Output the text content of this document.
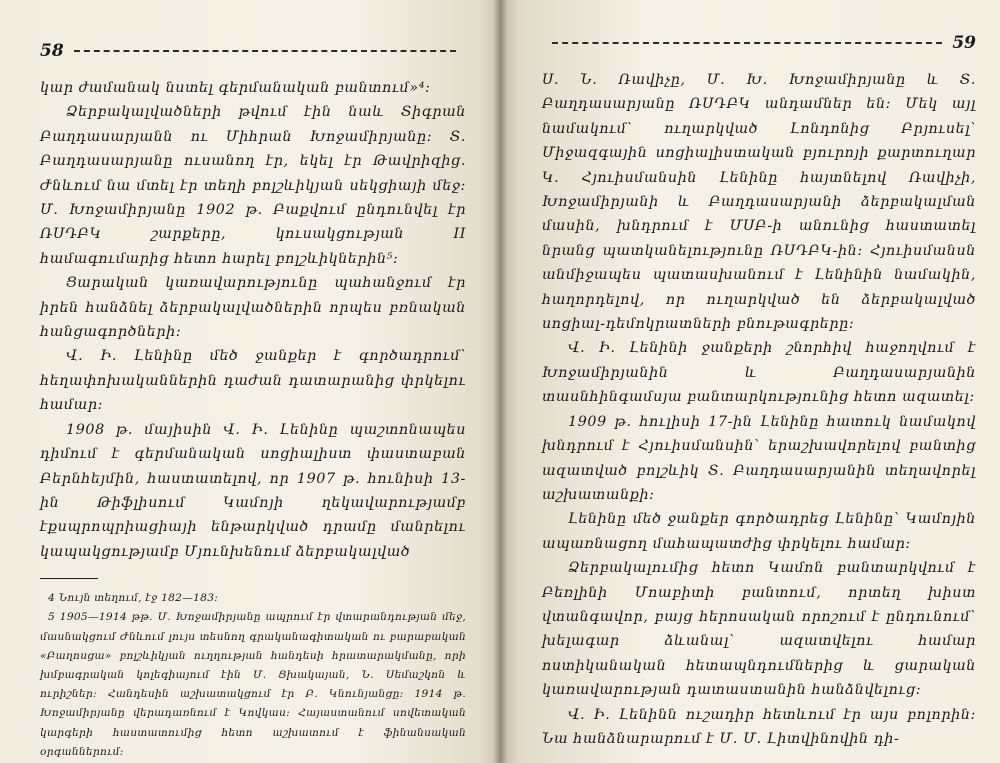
58

կար ժամանակ նստել գերմանական բանտում»⁴։

Ձերբակալվածների թվում էին նաև Տիգրան Բաղդասարյանն ու Միհրան Խոջամիրյանը։ Տ. Բաղդասարյանը ուսանող էր, եկել էր Թավրիզից. Ժնևում նա մտել էր տեղի բոլշևիկյան սեկցիայի մեջ։ Մ. Խոջամիրյանը 1902 թ. Բաքվում ընդունվել էր ՌՍԴԲԿ շարքերը, կուսակցության II համագումարից հետո հարել բոլշևիկներին⁵։

Ցարական կառավարությունը պահանջում էր իրեն հանձնել ձերբակալվածներին որպես բռնական հանցագործների։

Վ. Ի. Լենինը մեծ ջանքեր է գործադրում՝ հեղափոխականներին դաժան դատարանից փրկելու համար։

1908 թ. մայիսին Վ. Ի. Լենինը պաշտոնապես դիմում է գերմանական սոցիալիստ փաստաբան Բերնհեյմին, հաստատելով, որ 1907 թ. հունիսի 13-ին Թիֆլիսում Կամոյի ղեկավարությամբ էքսպրոպրիացիայի ենթարկված դրամը մանրելու կապակցությամբ Մյունխենում ձերբակալված

4 Նույն տեղում, էջ 182—183։

5 1905—1914 թթ. Մ. Խոջամիրյանը ապրում էր վտարանդության մեջ, մասնակցում Ժնևում լույս տեսնող գրականագիտական ու բարաբական «Բաղոսցա» բոլշևիկյան ուղղության հանդեսի հրատարակմանը, որի խմբագրական կոլեգիայում էին Մ. Ցխակայան, Ն. Սեմաշկոն և ուրիշներ։ Հանդեսին աշխատակցում էր Բ. Կնունյանցը։ 1914 թ. Խոջամիրյանը վերադառնում է Կովկաս։ Հայաստանում սովետական կարգերի հաստատումից հետո աշխատում է ֆինանսական օրգաններում։

59

Ս. Ն. Ռավիչը, Մ. Խ. Խոջամիրյանը և Տ. Բաղդասարյանը ՌՍԴԲԿ անդամներ են։ Մեկ այլ նամակում՝ ուղարկված Լոնդոնից Բրյուսել՝ Միջազգային սոցիալիստական բյուրոյի քարտուղար Կ. Հյուիսմանսին Լենինը հայտնելով Ռավիչի, Խոջամիրյանի և Բաղդասարյանի ձերբակալման մասին, խնդրում է ՄՍԲ-ի անունից հաստատել նրանց պատկանելությունը ՌՍԴԲԿ-ին։ Հյուիսմանսն անմիջապես պատասխանում է Լենինին նամակին, հաղորդելով, որ ուղարկված են ձերբակալված սոցիալ-դեմոկրատների բնութագրերը։

Վ. Ի. Լենինի ջանքերի շնորհիվ հաջողվում է Խոջամիրյանին և Բաղդասարյանին տասնհինգամսյա բանտարկությունից հետո ազատել։

1909 թ. հուլիսի 17-ին Լենինը հատուկ նամակով խնդրում է Հյուիսմանսին՝ երաշխավորելով բանտից ազատված բոլշևիկ Տ. Բաղդասարյանին տեղավորել աշխատանքի։

Լենինը մեծ ջանքեր գործադրեց Լենինը՝ Կամոյին ապառնացող մահապատժից փրկելու համար։

Ձերբակալումից հետո Կամոն բանտարկվում է Բեռլինի Մոաբիտի բանտում, որտեղ խիստ վտանգավոր, բայց հերոսական որոշում է ընդունում՝ խելագար ձևանալ՝ ազատվելու համար ոստիկանական հետապնդումներից և ցարական կառավարության դատաստանին հանձնվելուց։

Վ. Ի. Լենինն ուշադիր հետևում էր այս բոլորին։ Նա հանձնարարում է Մ. Մ. Լիտվինովին դի-
